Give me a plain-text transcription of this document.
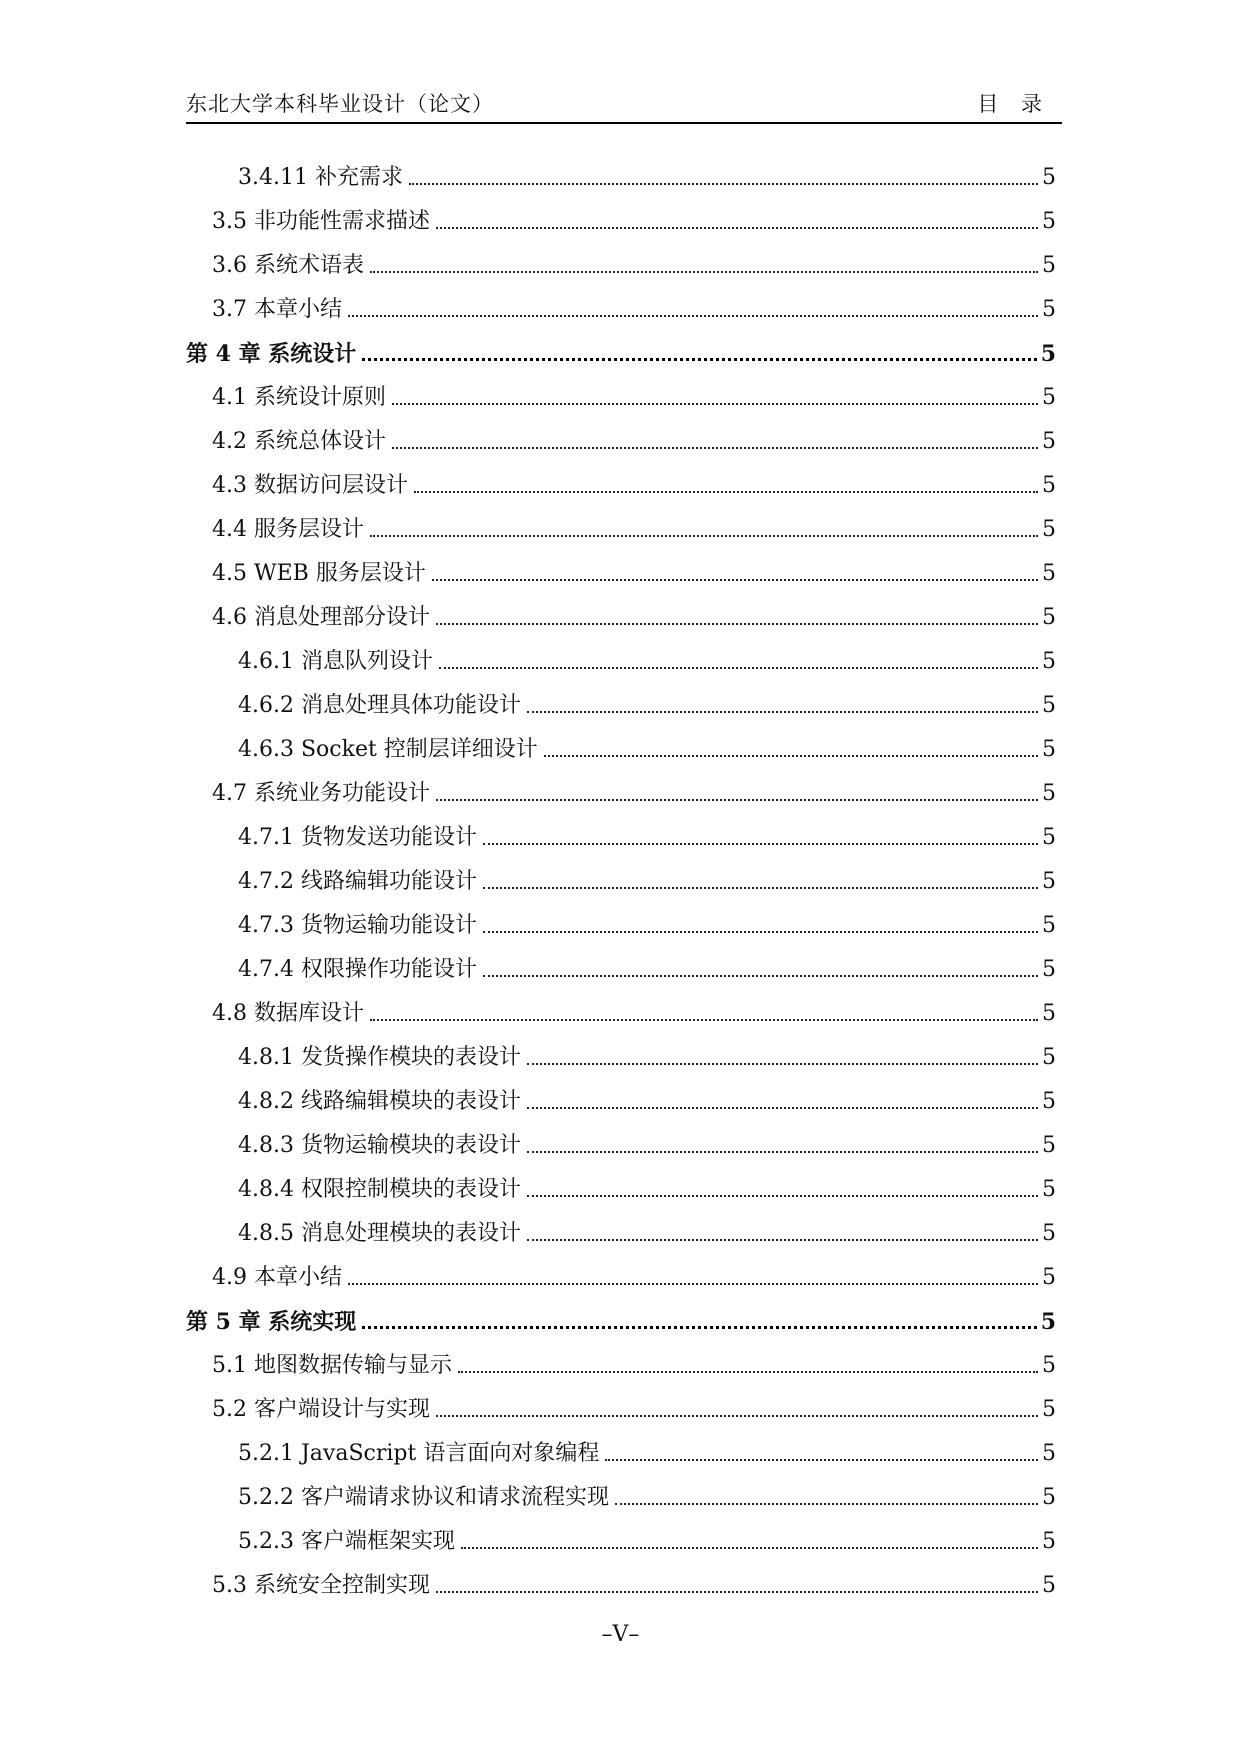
东北大学本科毕业设计（论文）	目 录
3.4.11 补充需求	5
3.5 非功能性需求描述	5
3.6 系统术语表	5
3.7 本章小结	5
第 4 章 系统设计	5
4.1 系统设计原则	5
4.2 系统总体设计	5
4.3 数据访问层设计	5
4.4 服务层设计	5
4.5 WEB 服务层设计	5
4.6 消息处理部分设计	5
4.6.1 消息队列设计	5
4.6.2 消息处理具体功能设计	5
4.6.3 Socket 控制层详细设计	5
4.7 系统业务功能设计	5
4.7.1 货物发送功能设计	5
4.7.2 线路编辑功能设计	5
4.7.3 货物运输功能设计	5
4.7.4 权限操作功能设计	5
4.8 数据库设计	5
4.8.1 发货操作模块的表设计	5
4.8.2 线路编辑模块的表设计	5
4.8.3 货物运输模块的表设计	5
4.8.4 权限控制模块的表设计	5
4.8.5 消息处理模块的表设计	5
4.9 本章小结	5
第 5 章 系统实现	5
5.1 地图数据传输与显示	5
5.2 客户端设计与实现	5
5.2.1 JavaScript 语言面向对象编程	5
5.2.2 客户端请求协议和请求流程实现	5
5.2.3 客户端框架实现	5
5.3 系统安全控制实现	5
–V–
